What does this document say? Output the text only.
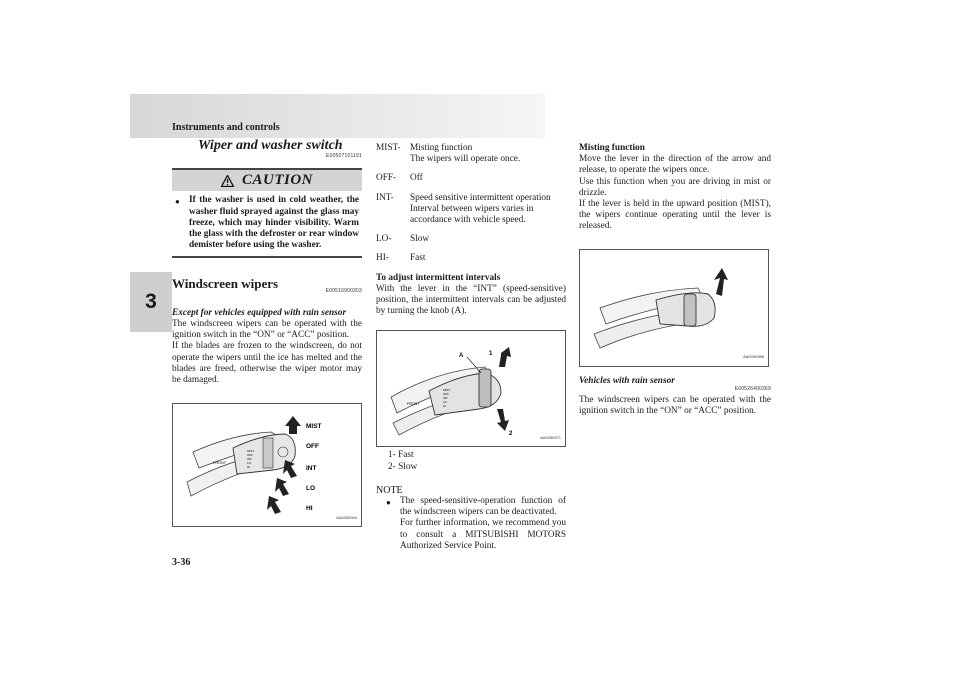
Instruments and controls
3
3-36
Wiper and washer switch
E00507101191
CAUTION
● If the washer is used in cold weather, the washer fluid sprayed against the glass may freeze, which may hinder visibility. Warm the glass with the defroster or rear window demister before using the washer.

Windscreen wipers	E00516900303
Except for vehicles equipped with rain sensor

The windscreen wipers can be operated with the ignition switch in the “ON” or “ACC” position.

If the blades are frozen to the windscreen, do not operate the wipers until the ice has melted and the blades are freed, otherwise the wiper motor may be damaged.

FRONT
MIST
OFF
INT
LO
HI
MIST
OFF
INT
LO
HI
AA0050944
MIST-	Misting function
The wipers will operate once.
OFF-	Off
INT-	Speed sensitive intermittent operation
Interval between wipers varies in accordance with vehicle speed.
LO-	Slow
HI-	Fast
To adjust intermittent intervals

With the lever in the “INT” (speed-sensitive) position, the intermittent intervals can be adjusted by turning the knob (A).

FRONT
MIST
OFF
INT
LO
HI
A	1
2
AA0050971
1- Fast
2- Slow
NOTE
● The speed-sensitive-operation function of the windscreen wipers can be deactivated.

For further information, we recommend you to consult a MITSUBISHI MOTORS Authorized Service Point.

Misting function

Move the lever in the direction of the arrow and release, to operate the wipers once.

Use this function when you are driving in mist or drizzle.

If the lever is held in the upward position (MIST), the wipers continue operating until the lever is released.

AA0050986
Vehicles with rain sensor
E00526400369

The windscreen wipers can be operated with the ignition switch in the “ON” or “ACC” position.
